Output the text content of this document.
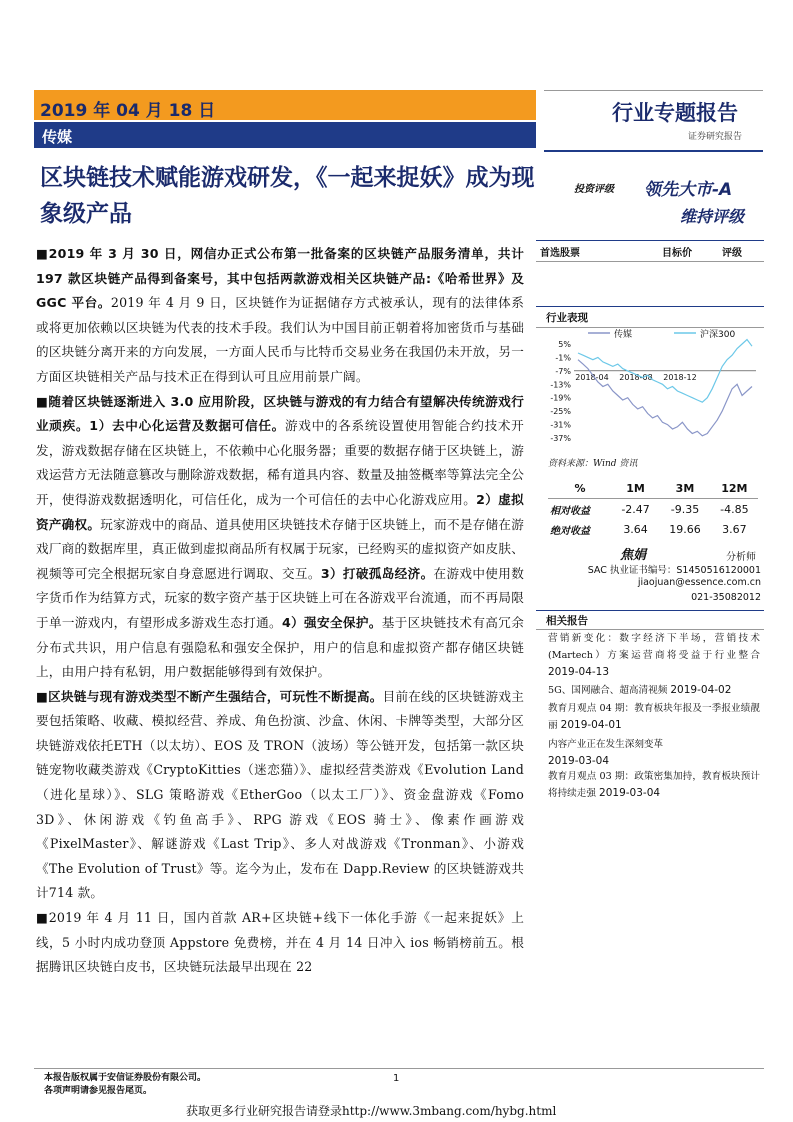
2019 年 04 月 18 日
传媒
行业专题报告
证券研究报告
区块链技术赋能游戏研发，《一起来捉妖》成为现象级产品
投资评级 领先大市-A
维持评级
首选股票	目标价	评级
行业表现
传媒	沪深300
5%
-1%
-7%
-13%
-19%
-25%
-31%
-37%
2018-04 2018-08 2018-12
资料来源：Wind 资讯
%	1M	3M	12M
相对收益	-2.47	-9.35	-4.85
绝对收益	3.64	19.66	3.67
焦娟	分析师
SAC 执业证书编号：S1450516120001
jiaojuan@essence.com.cn
021-35082012
相关报告
营销新变化：数字经济下半场，营销技术(Martech）方案运营商将受益于行业整合 2019-04-13
5G、国网融合、超高清视频 2019-04-02
教育月观点 04 期：教育板块年报及一季报业绩靓丽 2019-04-01
内容产业正在发生深刻变革
2019-03-04
教育月观点 03 期：政策密集加持，教育板块预计将持续走强 2019-03-04

■2019 年 3 月 30 日，网信办正式公布第一批备案的区块链产品服务清单，共计 197 款区块链产品得到备案号，其中包括两款游戏相关区块链产品:《哈希世界》及 GGC 平台。2019 年 4 月 9 日，区块链作为证据储存方式被承认，现有的法律体系或将更加依赖以区块链为代表的技术手段。我们认为中国目前正朝着将加密货币与基础的区块链分离开来的方向发展，一方面人民币与比特币交易业务在我国仍未开放，另一方面区块链相关产品与技术正在得到认可且应用前景广阔。

■随着区块链逐渐进入 3.0 应用阶段，区块链与游戏的有力结合有望解决传统游戏行业顽疾。1）去中心化运营及数据可信任。游戏中的各系统设置使用智能合约技术开发，游戏数据存储在区块链上，不依赖中心化服务器；重要的数据存储于区块链上，游戏运营方无法随意篡改与删除游戏数据，稀有道具内容、数量及抽签概率等算法完全公开，使得游戏数据透明化，可信任化，成为一个可信任的去中心化游戏应用。2）虚拟资产确权。玩家游戏中的商品、道具使用区块链技术存储于区块链上，而不是存储在游戏厂商的数据库里，真正做到虚拟商品所有权属于玩家，已经购买的虚拟资产如皮肤、视频等可完全根据玩家自身意愿进行调取、交互。3）打破孤岛经济。在游戏中使用数字货币作为结算方式，玩家的数字资产基于区块链上可在各游戏平台流通，而不再局限于单一游戏内，有望形成多游戏生态打通。4）强安全保护。基于区块链技术有高冗余分布式共识，用户信息有强隐私和强安全保护，用户的信息和虚拟资产都存储区块链上，由用户持有私钥，用户数据能够得到有效保护。

■区块链与现有游戏类型不断产生强结合，可玩性不断提高。目前在线的区块链游戏主要包括策略、收藏、模拟经营、养成、角色扮演、沙盒、休闲、卡牌等类型，大部分区块链游戏依托ETH（以太坊）、EOS 及 TRON（波场）等公链开发，包括第一款区块链宠物收藏类游戏《CryptoKitties（迷恋猫）》、虚拟经营类游戏《Evolution Land（进化星球）》、SLG 策略游戏《EtherGoo（以太工厂）》、资金盘游戏《Fomo 3D》、休闲游戏《钓鱼高手》、RPG 游戏《EOS 骑士》、像素作画游戏《PixelMaster》、解谜游戏《Last Trip》、多人对战游戏《Tronman》、小游戏《The Evolution of Trust》等。迄今为止，发布在 Dapp.Review 的区块链游戏共计714 款。

■2019 年 4 月 11 日，国内首款 AR+区块链+线下一体化手游《一起来捉妖》上线，5 小时内成功登顶 Appstore 免费榜，并在 4 月 14 日冲入 ios 畅销榜前五。根据腾讯区块链白皮书，区块链玩法最早出现在 22

本报告版权属于安信证券股份有限公司。
各项声明请参见报告尾页。
1
获取更多行业研究报告请登录http://www.3mbang.com/hybg.html
